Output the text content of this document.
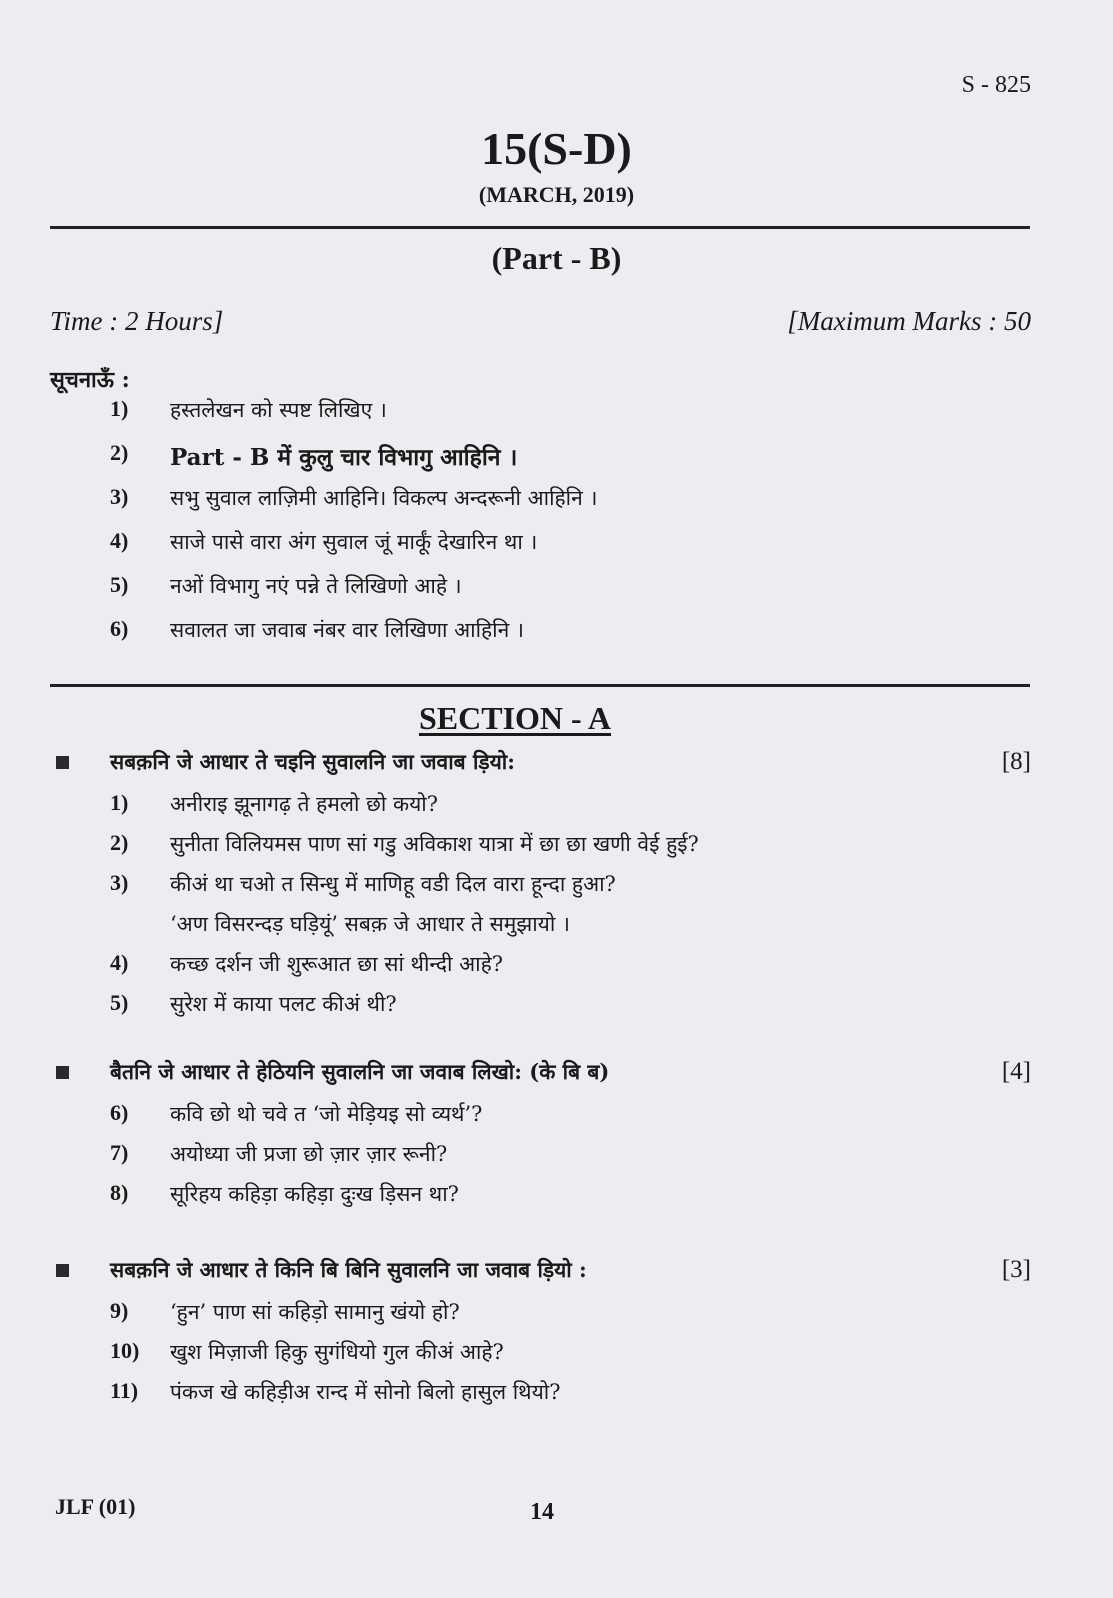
S - 825
15(S-D)
(MARCH, 2019)
(Part - B)
Time : 2 Hours]	[Maximum Marks : 50
सूचनाऊँ :
1) हस्तलेखन को स्पष्ट लिखिए ।
2) Part - B में कुलु चार विभागु आहिनि ।
3) सभु सुवाल लाज़िमी आहिनि। विकल्प अन्दरूनी आहिनि ।
4) साजे पासे वारा अंग सुवाल जूं मार्कूं देखारिन था ।
5) नओं विभागु नएं पन्ने ते लिखिणो आहे ।
6) सवालत जा जवाब नंबर वार लिखिणा आहिनि ।
SECTION - A
सबक़नि जे आधार ते चइनि सुवालनि जा जवाब ड़ियो:	[8]
1) अनीराइ झूनागढ़ ते हमलो छो कयो?
2) सुनीता विलियमस पाण सां गडु अविकाश यात्रा में छा छा खणी वेई हुई?
3) कीअं था चओ त सिन्धु में माणिहू वडी दिल वारा हून्दा हुआ?
‘अण विसरन्दड़ घड़ियूं’ सबक़ जे आधार ते समुझायो ।
4) कच्छ दर्शन जी शुरूआत छा सां थीन्दी आहे?
5) सुरेश में काया पलट कीअं थी?
बैतनि जे आधार ते हेठियनि सुवालनि जा जवाब लिखो: (के बि ब)	[4]
6) कवि छो थो चवे त ‘जो मेड़ियइ सो व्यर्थ’?
7) अयोध्या जी प्रजा छो ज़ार ज़ार रूनी?
8) सूरिहय कहिड़ा कहिड़ा दुःख ड़िसन था?
सबक़नि जे आधार ते किनि बि बिनि सुवालनि जा जवाब ड़ियो :	[3]
9) ‘हुन’ पाण सां कहिड़ो सामानु खंयो हो?
10) खुश मिज़ाजी हिकु सुगंधियो गुल कीअं आहे?
11) पंकज खे कहिड़ीअ रान्द में सोनो बिलो हासुल थियो?
JLF (01)	14
